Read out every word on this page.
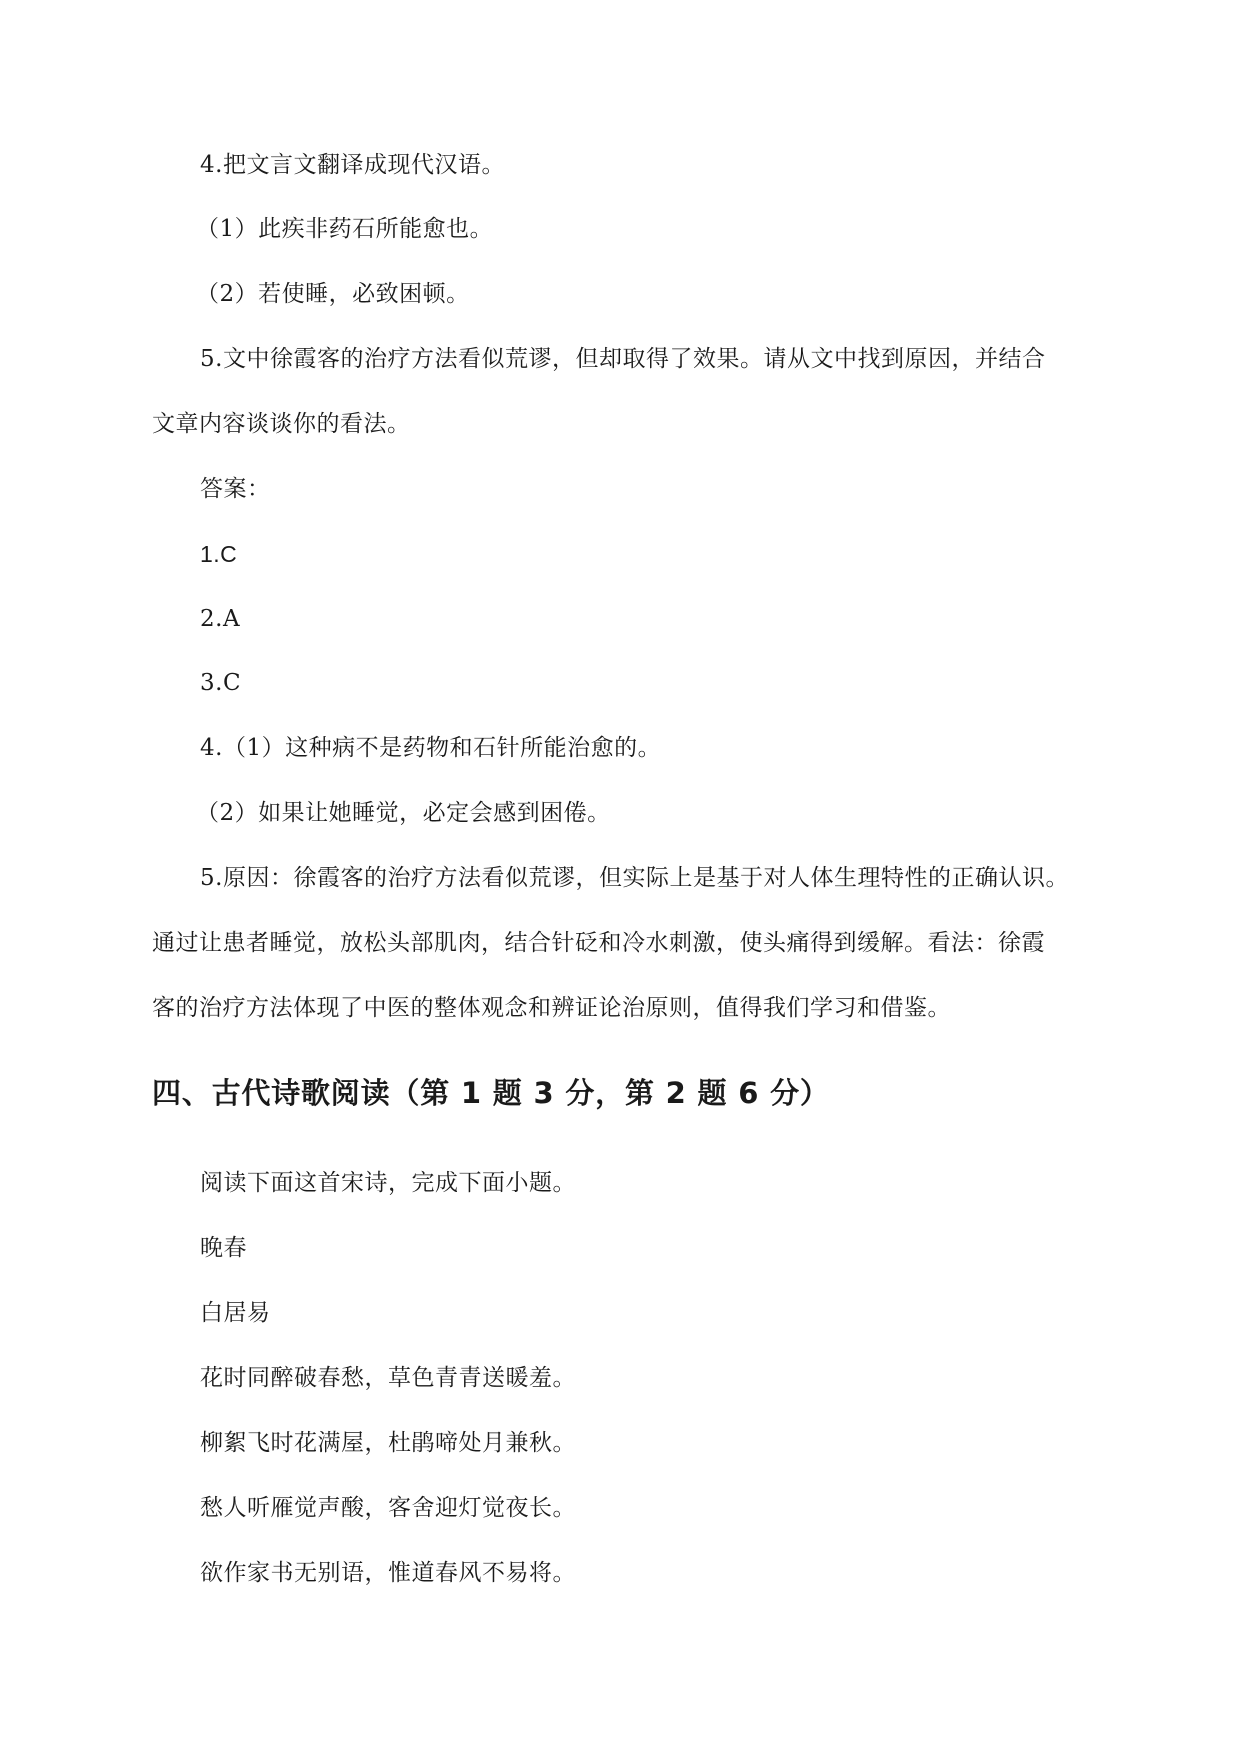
4.把文言文翻译成现代汉语。
（1）此疾非药石所能愈也。
（2）若使睡，必致困顿。
5.文中徐霞客的治疗方法看似荒谬，但却取得了效果。请从文中找到原因，并结合
文章内容谈谈你的看法。
答案：
1.C
2.A
3.C
4.（1）这种病不是药物和石针所能治愈的。
（2）如果让她睡觉，必定会感到困倦。
5.原因：徐霞客的治疗方法看似荒谬，但实际上是基于对人体生理特性的正确认识。
通过让患者睡觉，放松头部肌肉，结合针砭和冷水刺激，使头痛得到缓解。看法：徐霞
客的治疗方法体现了中医的整体观念和辨证论治原则，值得我们学习和借鉴。
四、古代诗歌阅读（第 1 题 3 分，第 2 题 6 分）
阅读下面这首宋诗，完成下面小题。
晚春
白居易
花时同醉破春愁，草色青青送暖羞。
柳絮飞时花满屋，杜鹃啼处月兼秋。
愁人听雁觉声酸，客舍迎灯觉夜长。
欲作家书无别语，惟道春风不易将。
